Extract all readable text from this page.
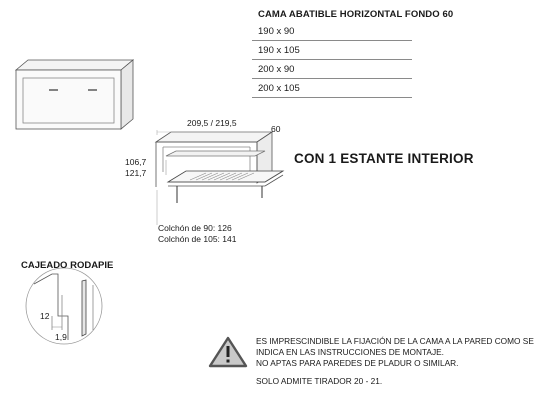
CAMA ABATIBLE HORIZONTAL FONDO 60
190 x 90
190 x 105
200 x 90
200 x 105
209,5 / 219,5
60
106,7
121,7
Colchón de 90: 126
Colchón de 105: 141
CON 1 ESTANTE INTERIOR
CAJEADO RODAPIE
12
1,9	ES IMPRESCINDIBLE LA FIJACIÓN DE LA CAMA A LA PARED COMO SE
INDICA EN LAS INSTRUCCIONES DE MONTAJE.
NO APTAS PARA PAREDES DE PLADUR O SIMILAR.
SOLO ADMITE TIRADOR 20 - 21.
